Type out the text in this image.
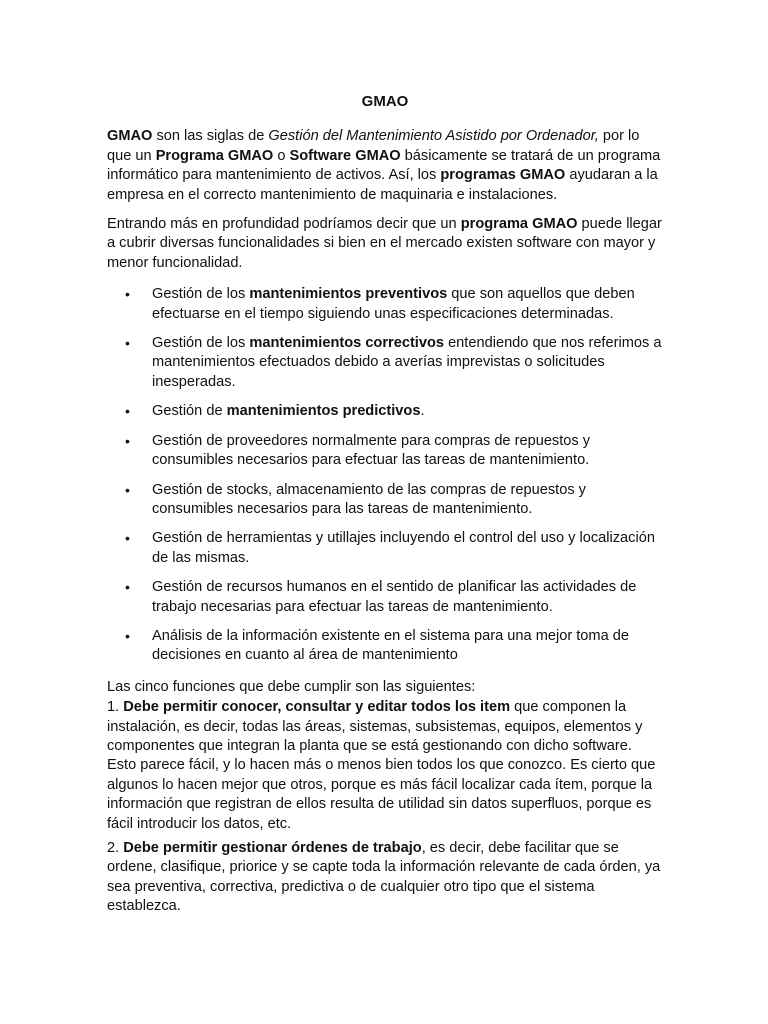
GMAO

GMAO son las siglas de Gestión del Mantenimiento Asistido por Ordenador, por lo que un Programa GMAO o Software GMAO básicamente se tratará de un programa informático para mantenimiento de activos. Así, los programas GMAO ayudaran a la empresa en el correcto mantenimiento de maquinaria e instalaciones.

Entrando más en profundidad podríamos decir que un programa GMAO puede llegar a cubrir diversas funcionalidades si bien en el mercado existen software con mayor y menor funcionalidad.

• Gestión de los mantenimientos preventivos que son aquellos que deben efectuarse en el tiempo siguiendo unas especificaciones determinadas.
• Gestión de los mantenimientos correctivos entendiendo que nos referimos a mantenimientos efectuados debido a averías imprevistas o solicitudes inesperadas.
• Gestión de mantenimientos predictivos.
• Gestión de proveedores normalmente para compras de repuestos y consumibles necesarios para efectuar las tareas de mantenimiento.
• Gestión de stocks, almacenamiento de las compras de repuestos y consumibles necesarios para las tareas de mantenimiento.
• Gestión de herramientas y utillajes incluyendo el control del uso y localización de las mismas.
• Gestión de recursos humanos en el sentido de planificar las actividades de trabajo necesarias para efectuar las tareas de mantenimiento.
• Análisis de la información existente en el sistema para una mejor toma de decisiones en cuanto al área de mantenimiento

Las cinco funciones que debe cumplir son las siguientes:

1. Debe permitir conocer, consultar y editar todos los item que componen la instalación, es decir, todas las áreas, sistemas, subsistemas, equipos, elementos y componentes que integran la planta que se está gestionando con dicho software. Esto parece fácil, y lo hacen más o menos bien todos los que conozco. Es cierto que algunos lo hacen mejor que otros, porque es más fácil localizar cada ítem, porque la información que registran de ellos resulta de utilidad sin datos superfluos, porque es fácil introducir los datos, etc.

2. Debe permitir gestionar órdenes de trabajo, es decir, debe facilitar que se ordene, clasifique, priorice y se capte toda la información relevante de cada órden, ya sea preventiva, correctiva, predictiva o de cualquier otro tipo que el sistema establezca.
